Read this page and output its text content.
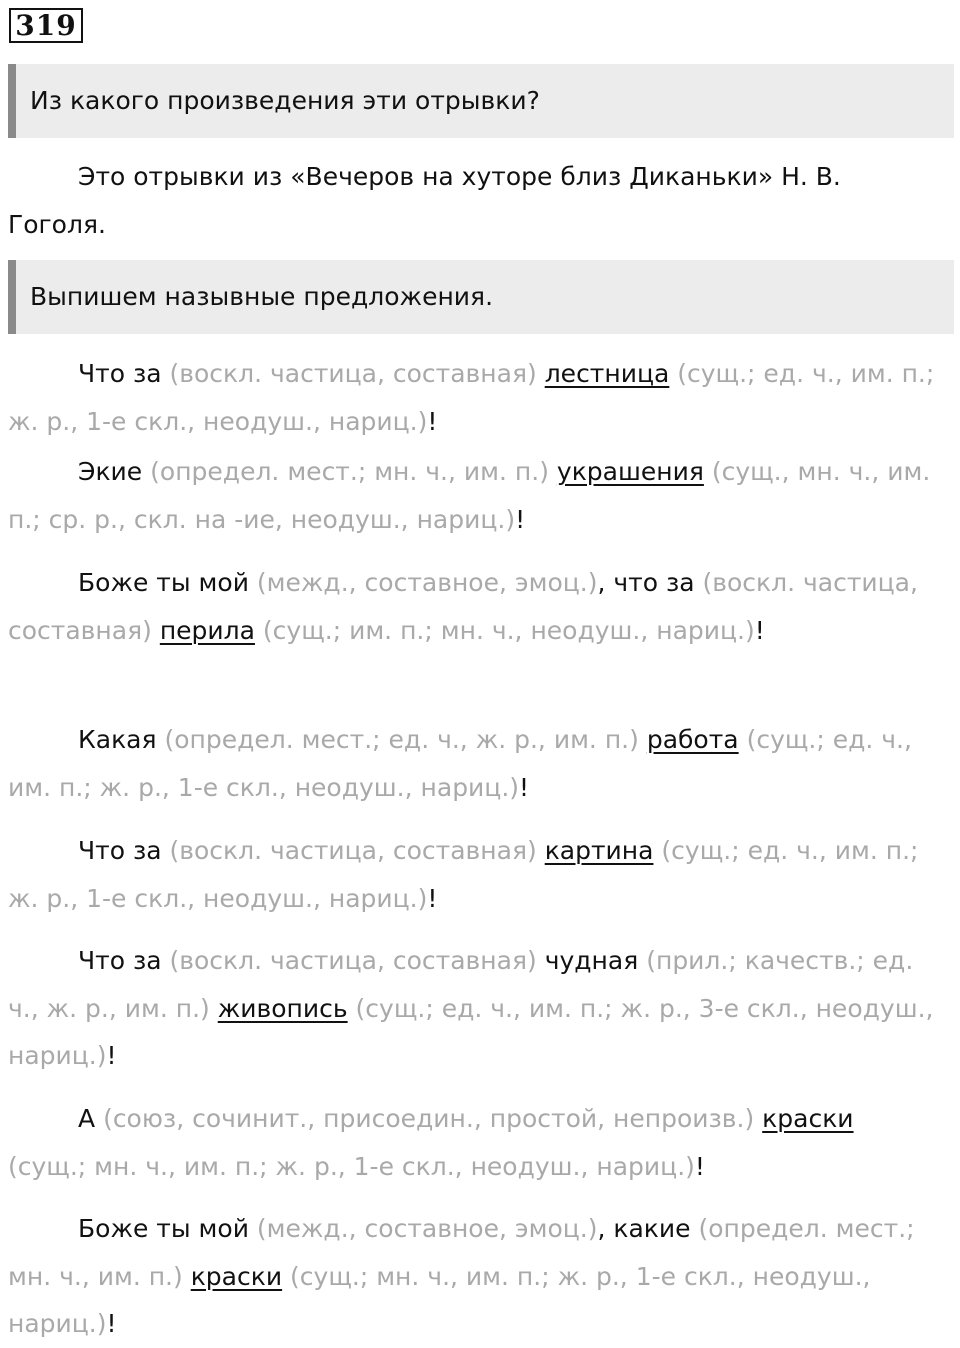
319
Из какого произведения эти отрывки?

Это отрывки из «Вечеров на хуторе близ Диканьки» Н. В. Гоголя.

Выпишем назывные предложения.

Что за (воскл. частица, составная) лестница (сущ.; ед. ч., им. п.; ж. р., 1-е скл., неодуш., нариц.)!

Экие (определ. мест.; мн. ч., им. п.) украшения (сущ., мн. ч., им. п.; ср. р., скл. на -ие, неодуш., нариц.)!

Боже ты мой (межд., составное, эмоц.), что за (воскл. частица, составная) перила (сущ.; им. п.; мн. ч., неодуш., нариц.)!

Какая (определ. мест.; ед. ч., ж. р., им. п.) работа (сущ.; ед. ч., им. п.; ж. р., 1-е скл., неодуш., нариц.)!

Что за (воскл. частица, составная) картина (сущ.; ед. ч., им. п.; ж. р., 1-е скл., неодуш., нариц.)!

Что за (воскл. частица, составная) чудная (прил.; качеств.; ед. ч., ж. р., им. п.) живопись (сущ.; ед. ч., им. п.; ж. р., 3-е скл., неодуш., нариц.)!

А (союз, сочинит., присоедин., простой, непроизв.) краски (сущ.; мн. ч., им. п.; ж. р., 1-е скл., неодуш., нариц.)!

Боже ты мой (межд., составное, эмоц.), какие (определ. мест.; мн. ч., им. п.) краски (сущ.; мн. ч., им. п.; ж. р., 1-е скл., неодуш., нариц.)!
